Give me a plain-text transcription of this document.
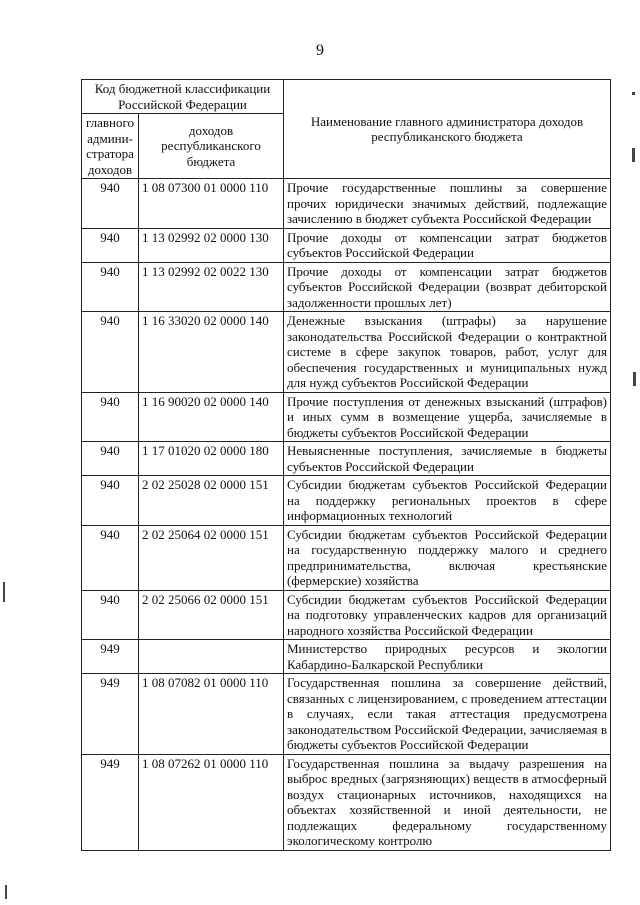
9
Код бюджетной классификации Российской Федерации		Наименование главного администратора доходов республиканского бюджета
главного админи-стратора доходов	доходов республиканского бюджета	
940	1 08 07300 01 0000 110	Прочие государственные пошлины за совершение прочих юридически значимых действий, подлежащие зачислению в бюджет субъекта Российской Федерации
940	1 13 02992 02 0000 130	Прочие доходы от компенсации затрат бюджетов субъектов Российской Федерации
940	1 13 02992 02 0022 130	Прочие доходы от компенсации затрат бюджетов субъектов Российской Федерации (возврат дебиторской задолженности прошлых лет)
940	1 16 33020 02 0000 140	Денежные взыскания (штрафы) за нарушение законодательства Российской Федерации о контрактной системе в сфере закупок товаров, работ, услуг для обеспечения государственных и муниципальных нужд для нужд субъектов Российской Федерации
940	1 16 90020 02 0000 140	Прочие поступления от денежных взысканий (штрафов) и иных сумм в возмещение ущерба, зачисляемые в бюджеты субъектов Российской Федерации
940	1 17 01020 02 0000 180	Невыясненные поступления, зачисляемые в бюджеты субъектов Российской Федерации
940	2 02 25028 02 0000 151	Субсидии бюджетам субъектов Российской Федерации на поддержку региональных проектов в сфере информационных технологий
940	2 02 25064 02 0000 151	Субсидии бюджетам субъектов Российской Федерации на государственную поддержку малого и среднего предпринимательства, включая крестьянские (фермерские) хозяйства
940	2 02 25066 02 0000 151	Субсидии бюджетам субъектов Российской Федерации на подготовку управленческих кадров для организаций народного хозяйства Российской Федерации
949		Министерство природных ресурсов и экологии Кабардино-Балкарской Республики
949	1 08 07082 01 0000 110	Государственная пошлина за совершение действий, связанных с лицензированием, с проведением аттестации в случаях, если такая аттестация предусмотрена законодательством Российской Федерации, зачисляемая в бюджеты субъектов Российской Федерации
949	1 08 07262 01 0000 110	Государственная пошлина за выдачу разрешения на выброс вредных (загрязняющих) веществ в атмосферный воздух стационарных источников, находящихся на объектах хозяйственной и иной деятельности, не подлежащих федеральному государственному экологическому контролю
